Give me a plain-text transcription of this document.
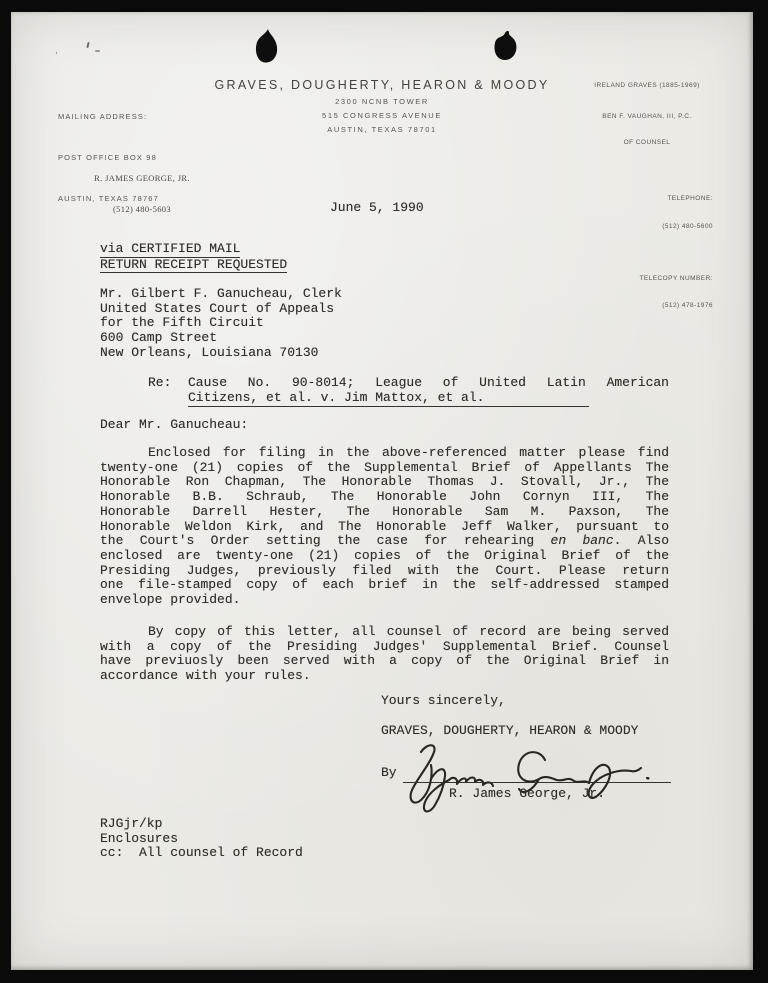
,

MAILING ADDRESS:

POST OFFICE BOX 98

AUSTIN, TEXAS 78767

GRAVES, DOUGHERTY, HEARON & MOODY
2300 NCNB TOWER
515 CONGRESS AVENUE
AUSTIN, TEXAS 78701
IRELAND GRAVES (1885-1969)

BEN F. VAUGHAN, III, P.C.

OF COUNSEL

TELEPHONE:

(512) 480-5600

TELECOPY NUMBER:

(512) 478-1976

R. JAMES GEORGE, JR.

(512) 480-5603

	June 5, 1990
via CERTIFIED MAIL
RETURN RECEIPT REQUESTED
Mr. Gilbert F. Ganucheau, Clerk
United States Court of Appeals
for the Fifth Circuit
600 Camp Street
New Orleans, Louisiana 70130
Re:	Cause No. 90-8014; League of United Latin American
Citizens, et al. v. Jim Mattox, et al.
Dear Mr. Ganucheau:
Enclosed for filing in the above-referenced matter please find
twenty-one (21) copies of the Supplemental Brief of Appellants The
Honorable Ron Chapman, The Honorable Thomas J. Stovall, Jr., The
Honorable B.B. Schraub, The Honorable John Cornyn III, The
Honorable Darrell Hester, The Honorable Sam M. Paxson, The
Honorable Weldon Kirk, and The Honorable Jeff Walker, pursuant to
the Court's Order setting the case for rehearing en banc. Also
enclosed are twenty-one (21) copies of the Original Brief of the
Presiding Judges, previously filed with the Court. Please return
one file-stamped copy of each brief in the self-addressed stamped
envelope provided.
By copy of this letter, all counsel of record are being served
with a copy of the Presiding Judges' Supplemental Brief. Counsel
have previuosly been served with a copy of the Original Brief in
accordance with your rules.
Yours sincerely,
GRAVES, DOUGHERTY, HEARON & MOODY
By
R. James George, Jr.
RJGjr/kp
Enclosures
cc:  All counsel of Record
